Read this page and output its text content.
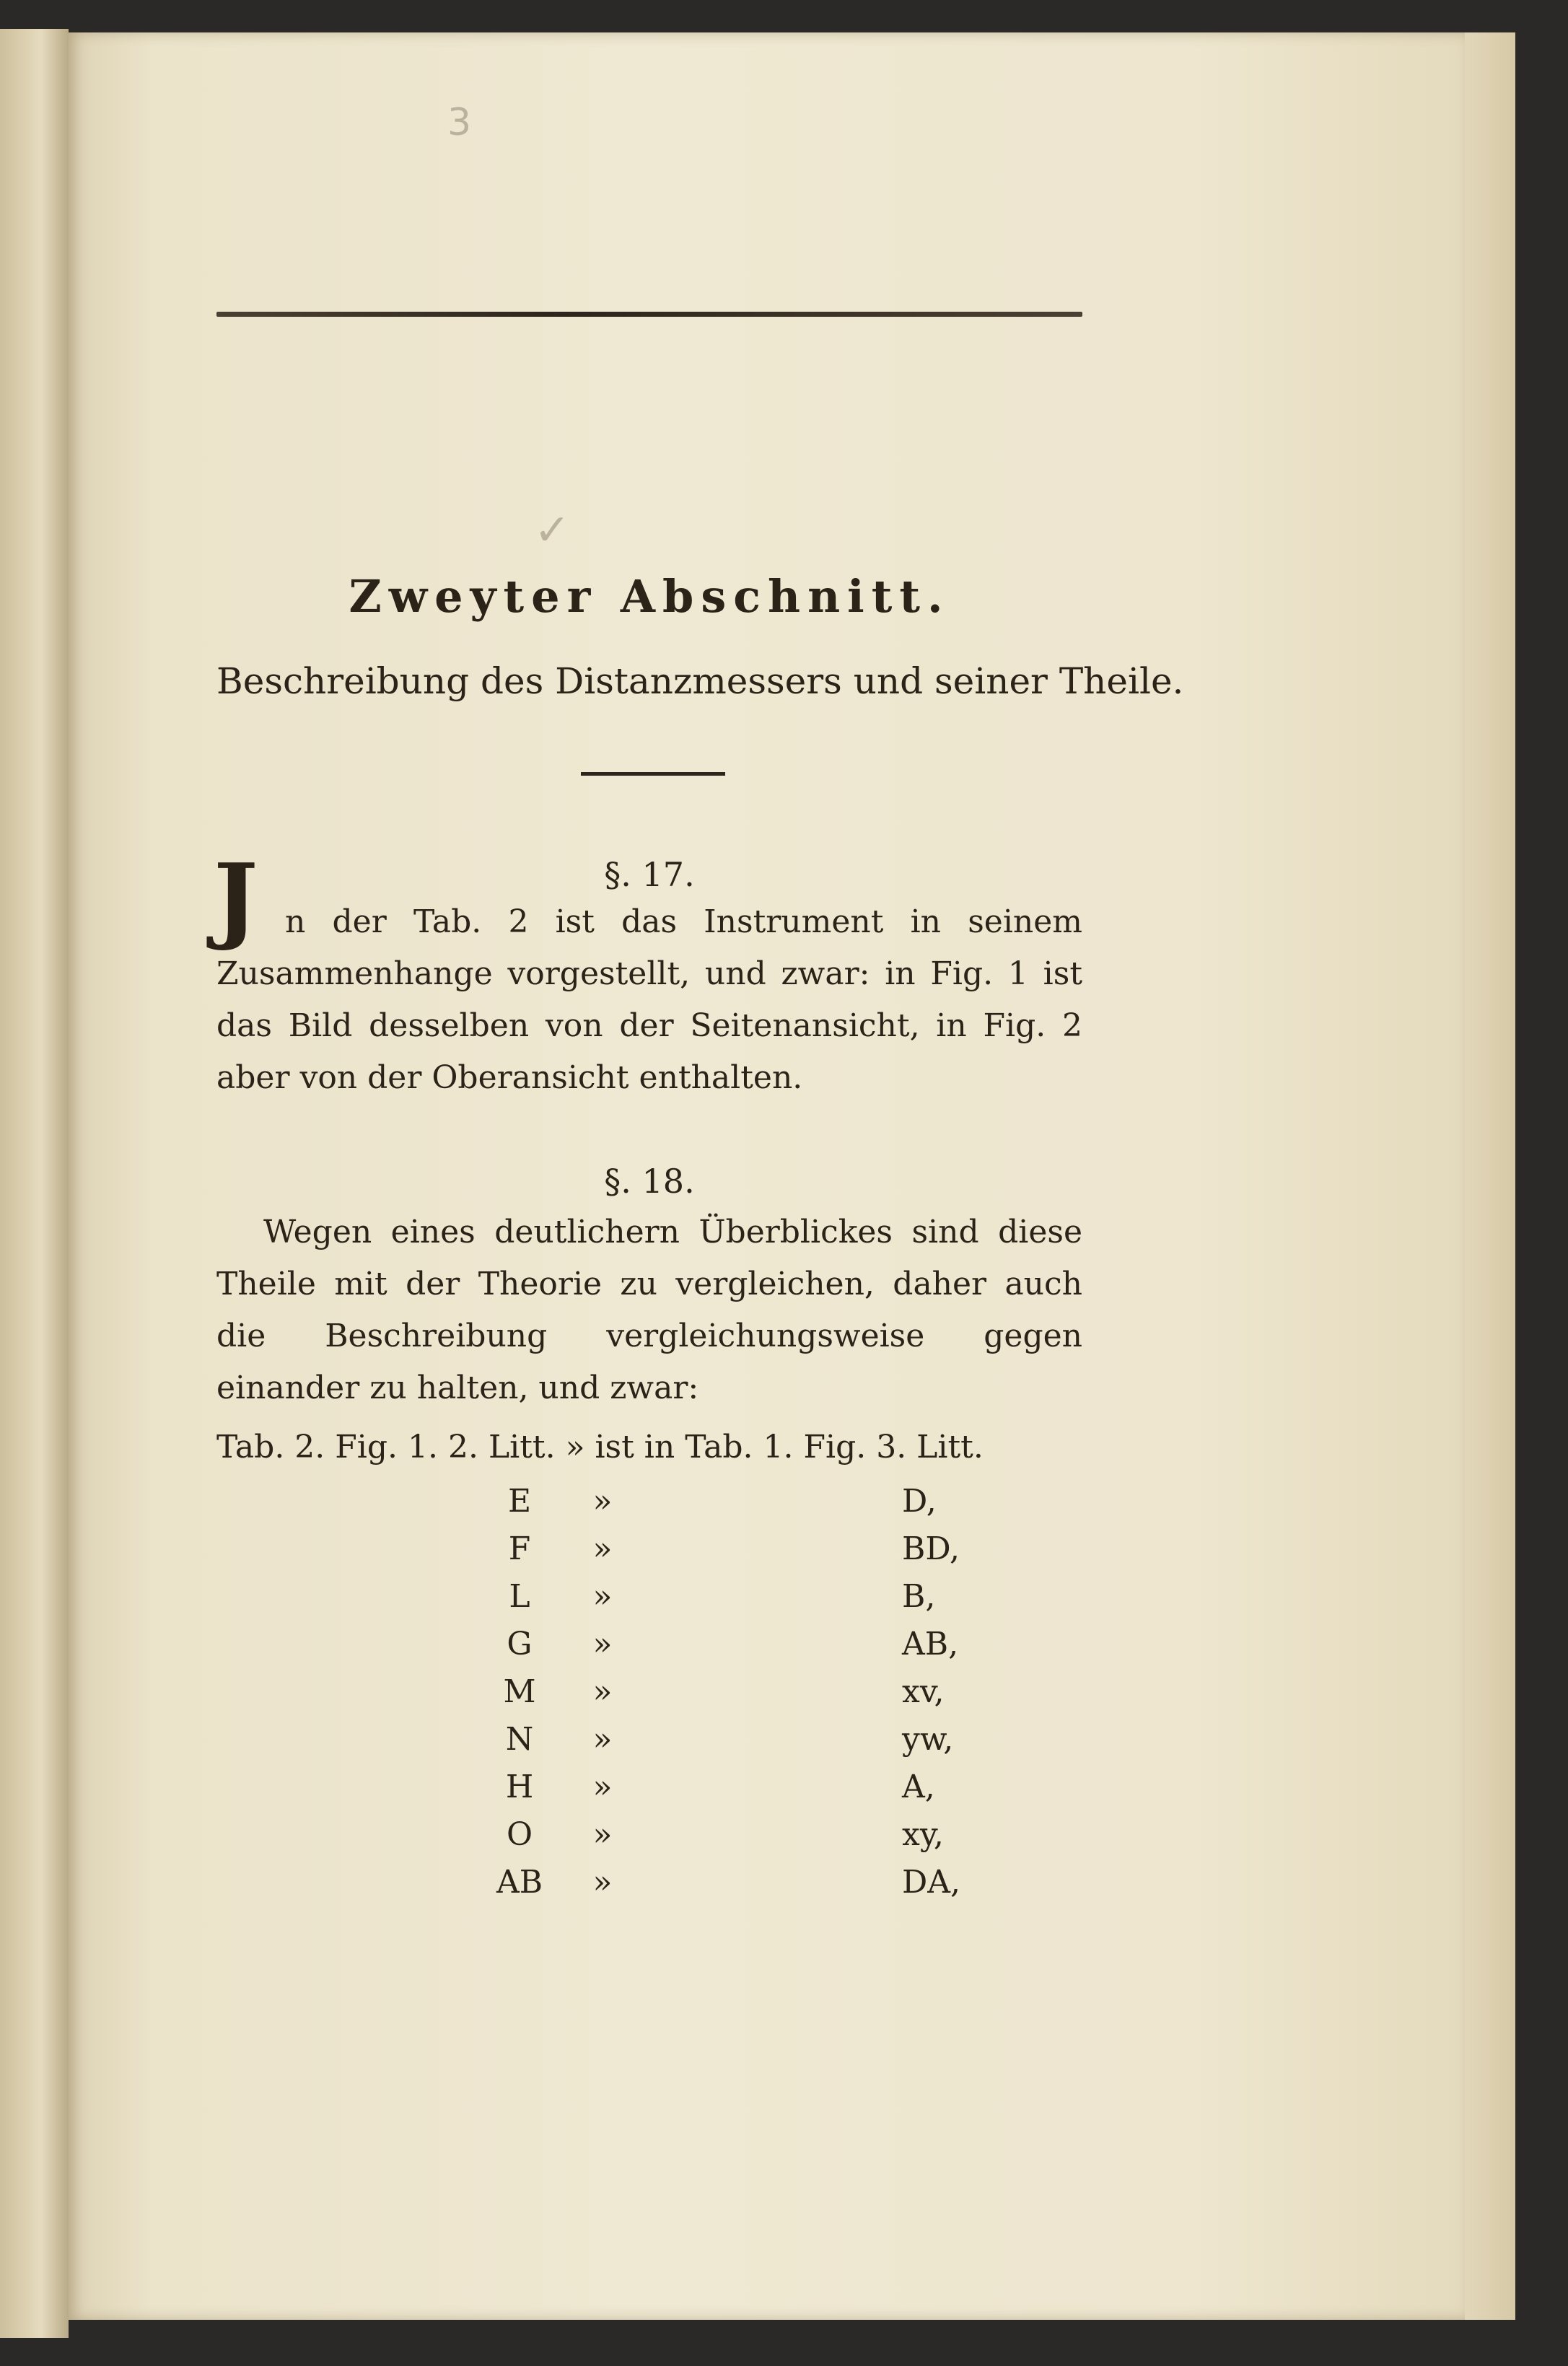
3
✓
Zweyter Abschnitt.
Beschreibung des Distanzmessers und seiner Theile.
§. 17.
J n der Tab. 2 ist das Instrument in seinem Zusammenhange vorgestellt, und zwar: in Fig. 1 ist das Bild desselben von der Seitenansicht, in Fig. 2 aber von der Oberansicht enthalten.
§. 18.
Wegen eines deutlichern Überblickes sind diese Theile mit der Theorie zu vergleichen, daher auch die Beschreibung vergleichungsweise gegen einander zu halten, und zwar:
Tab. 2. Fig. 1. 2. Litt. » ist in Tab. 1. Fig. 3. Litt.
E	»	D,
F	»	BD,
L	»	B,
G	»	AB,
M	»	xv,
N	»	yw,
H	»	A,
O	»	xy,
AB	»	DA,
